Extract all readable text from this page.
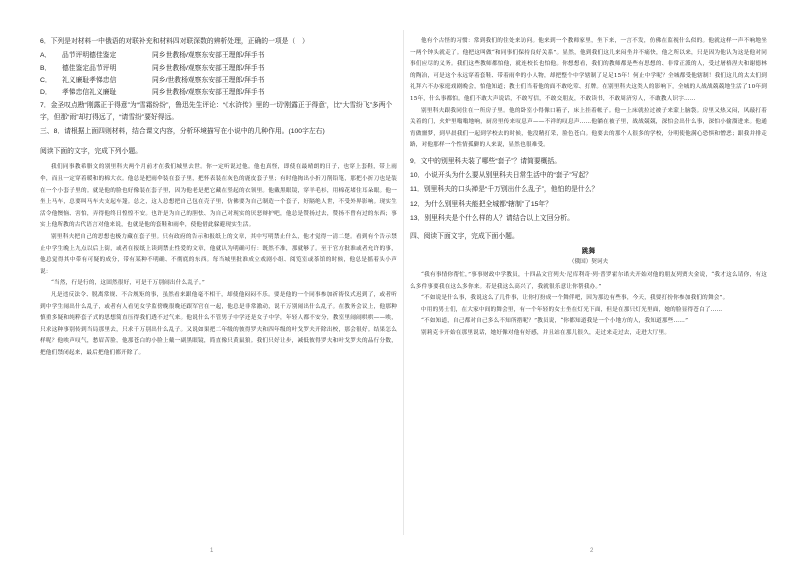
6．下列是对材料一中俄语的对联补充和材料四对联深数的辨析处理，正确的一项是（　）

A．	品节评明德佳鉴定	同乡世教杨/观察东安部王理郎/拜手书
B．	德佳鉴定品节评明	同乡世教杨/观察东安部王理郎/拜手书
C．	礼义廉耻孝悌忠信	同乡/世教杨观察东安部王理郎/拜手书
D．	孝悌忠信礼义廉耻	同乡世教杨/观察东安部王理郎/拜手书

7．金圣叹点勘“刚露正于得意”为“雪霜纷纷”，鲁迅先生评论：“《水浒传》里的一切‘刚露正于得意’，比“大雪纷飞”多两个字，但那“雨”却打得远了，“请雪纷”要好得远。

三、8．请根据上面四则材料，结合课文内容，分析环境描写在小说中的几种作用。(100字左右)

阅读下面的文字，完成下列小题。

我们同事教希腊文的别里科夫两个月前才在我们城里去世。你一定听说过他。他也真怪，即使在最晴朗的日子，也穿上套鞋，带上雨伞，而且一定穿着暖和的棉大衣。他总是把雨伞装在套子里，把怀表装在灰色的鹿皮套子里；有时他掏出小折刀削铅笔，那把小折刀也是装在一个小套子里的。就是他的脸也好像装在套子里，因为他老是把它藏在竖起的衣领里。他戴黑眼镜，穿羊毛衫，用棉花堵住耳朵眼。他一坐上马车，总要叫马车夫支起车篷。总之，这人总想把自己包在壳子里，仿佛要为自己制造一个套子，好隔绝人世，不受外界影响。现实生活令他懊恼、害怕，弄得他终日惶惶不安。也许是为自己的胆怯、为自己对现实的厌恶辩护吧，他总是赞扬过去，赞扬不曾有过的东西；事实上他所教的古代语言对他来说，也就是他的套鞋和雨伞，使他借此躲避现实生活。

别里科夫把自己的思想也极力藏在套子里。只有政府的告示和报纸上的文章，其中写明禁止什么，他才觉得一清二楚。看到有个告示禁止中学生晚上九点以后上街，或者在报纸上读到禁止性爱的文章，他就认为明确可行：既然不准，那就够了。至于官方批准或者允许的事，他总觉得其中带有可疑的成分，带有某种不明确、不彻底的东西。每当城里批准成立戏剧小组、阅览室或茶馆的时候，他总是摇着头小声说：

“当然，行是行的，这固然很好，可是千万别闹出什么乱子。”

凡是违反法令、脱离常规、不合规矩的事，虽然看来跟他毫不相干，却使他闷闷不乐。要是他的一个同事参加祈祷仪式迟到了，或者听到中学生闹出什么乱子，或者有人看见女学监傍晚很晚还跟军官在一起，他总是非常激动，说千万别闹出什么乱子。在教务会议上，他那种慎重多疑和纯粹套子式的思想简直压得我们透不过气来。他说什么不管男子中学还是女子中学，年轻人都不安分，教室里闹闹哄哄——唉，只求这种事别传到当局那里去，只求千万别出什么乱子。又说如果把二年级的彼得罗夫和四年级的叶戈罗夫开除出校，那会很好。结果怎么样呢？他唉声叹气，愁眉苦脸，他那苍白的小脸上戴一副黑眼镜，简直像只黄鼠狼。我们只好让步，减低彼得罗夫和叶戈罗夫的品行分数，把他们禁闭起来，最后把他们都开除了。

他有个古怪的习惯：常到我们的住处来访问。他来到一个教师家里，坐下来，一言不发，仿佛在监视什么似的。他就这样一声不响地坐一两个钟头就走了。他把这叫做“和同事们保持良好关系”。显然，他到我们这儿来闷坐并不痛快，他之所以来，只是因为他认为这是他对同事们应尽的义务。我们这些教师都怕他，就连校长也怕他。你想想看，我们的教师都是些有思想的、非常正派的人，受过屠格涅夫和谢德林的陶冶，可是这个永远穿着套鞋、带着雨伞的小人物，却把整个中学辖制了足足15年！何止中学呢？全城都受他辖制！我们这儿的太太们到礼拜六不办家庭戏剧晚会，怕他知道；教士们当着他的面不敢吃荤、打牌。在别里科夫这类人的影响下，全城的人战战兢兢地生活了10年到15年，什么事都怕。他们不敢大声说话，不敢写信，不敢交朋友，不敢读书，不敢周济穷人，不敢教人识字……

别里科夫跟我同住在一所房子里。他的卧室小得像口箱子，床上挂着帐子。他一上床就拉过被子来蒙上脑袋。房里又热又闷，风敲打着关着的门，火炉里嗡嗡地响，厨房里传来叹息声——不祥的叹息声……他躺在被子里，战战兢兢，深怕会出什么事，深怕小偷溜进来。他通宵做噩梦，到早晨我们一起到学校去的时候，他没精打采，脸色苍白。他要去的那个人很多的学校，分明使他满心恐惧和憎恶；跟我并排走路，对他那样一个性情孤僻的人来说，显然也很难受。

9．文中的别里科夫装了哪些“套子”？请简要概括。

10．小说开头为什么要从别里科夫日常生活中的“套子”写起？

11．别里科夫的口头禅是“千万别出什么乱子”，他怕的是什么？

12．为什么别里科夫能把全城都“辖制”了15年？

13．别里科夫是个什么样的人？请结合以上文回分析。

四、阅读下面文字，完成下面小题。

跳舞

（俄国）契诃夫

“我有事情你帮忙，”事事财政中学教员，十四品文官列夫·尼库利奇·列·普罗霍尔诺夫开始对他的朋友列贾夫金说，“我才这么请你，有这么多件事要我在这么多你来。若是我这么高兴了，我就很乐意让你帮我办。”

“不如说是什么事，我说这么了几件事，让你打扮成一个舞伴吧，因为那边有些事，今天，我要打扮你参加我们的舞会”。

中用的男士们，在大家中间的舞会里，有一个年轻的女士坐在灯光下面，但是在那只灯光里面，她的脸显得苍白了……

“不如知道，自己都对自己多么不知所措呢？”教员说，“你都知道我是一个小地方的人，我知道那些……”

别莉克卡开始在那里说话，她好像对他有好感，并且站在那儿很久，走过来走过去，走进大厅里。

1	2
